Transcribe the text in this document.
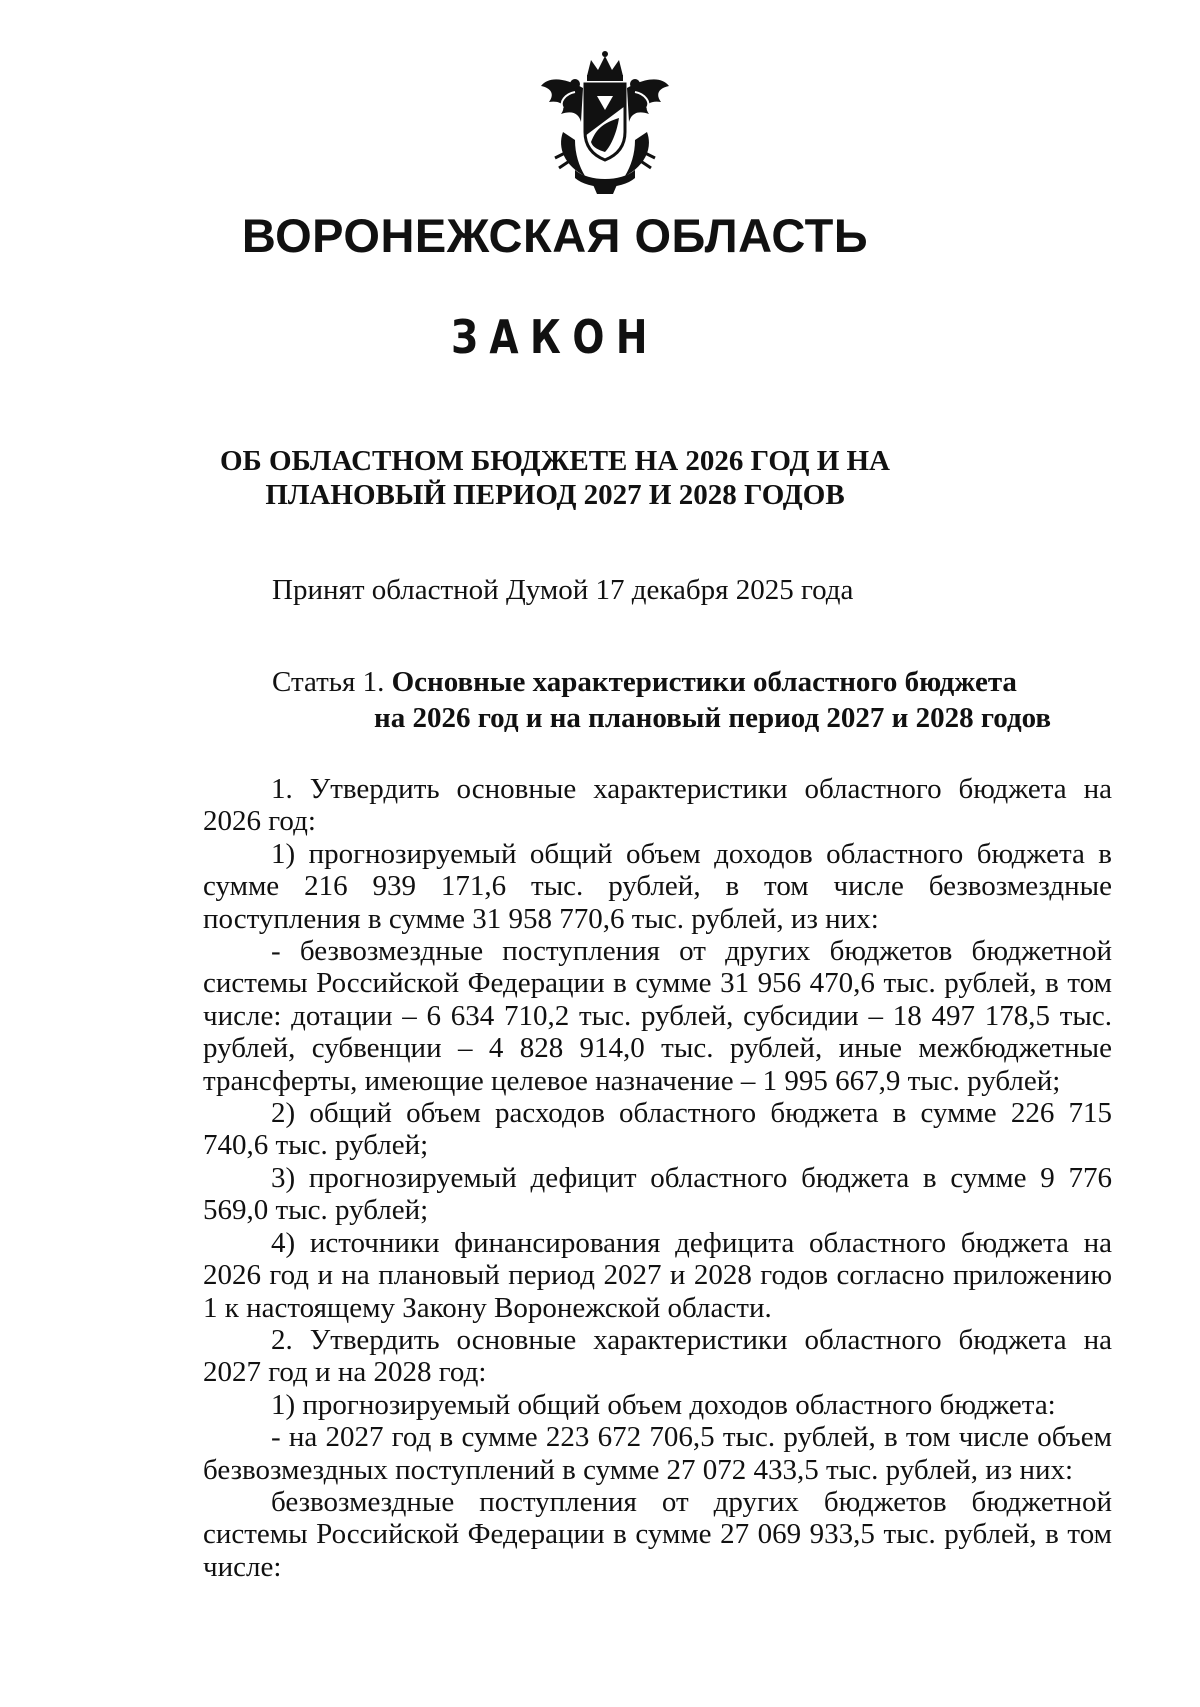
ВОРОНЕЖСКАЯ ОБЛАСТЬ
ЗАКОН
ОБ ОБЛАСТНОМ БЮДЖЕТЕ НА 2026 ГОД И НА
ПЛАНОВЫЙ ПЕРИОД 2027 И 2028 ГОДОВ
Принят областной Думой 17 декабря 2025 года
Статья 1. Основные характеристики областного бюджета
на 2026 год и на плановый период 2027 и 2028 годов

1. Утвердить основные характеристики областного бюджета на 2026 год:

1) прогнозируемый общий объем доходов областного бюджета в сумме 216 939 171,6 тыс. рублей, в том числе безвозмездные поступления в сумме 31 958 770,6 тыс. рублей, из них:

- безвозмездные поступления от других бюджетов бюджетной системы Российской Федерации в сумме 31 956 470,6 тыс. рублей, в том числе: дотации – 6 634 710,2 тыс. рублей, субсидии – 18 497 178,5 тыс. рублей, субвенции – 4 828 914,0 тыс. рублей, иные межбюджетные трансферты, имеющие целевое назначение – 1 995 667,9 тыс. рублей;

2) общий объем расходов областного бюджета в сумме 226 715 740,6 тыс. рублей;

3) прогнозируемый дефицит областного бюджета в сумме 9 776 569,0 тыс. рублей;

4) источники финансирования дефицита областного бюджета на 2026 год и на плановый период 2027 и 2028 годов согласно приложению 1 к настоящему Закону Воронежской области.

2. Утвердить основные характеристики областного бюджета на 2027 год и на 2028 год:

1) прогнозируемый общий объем доходов областного бюджета:

- на 2027 год в сумме 223 672 706,5 тыс. рублей, в том числе объем безвозмездных поступлений в сумме 27 072 433,5 тыс. рублей, из них:

безвозмездные поступления от других бюджетов бюджетной системы Российской Федерации в сумме 27 069 933,5 тыс. рублей, в том числе:
